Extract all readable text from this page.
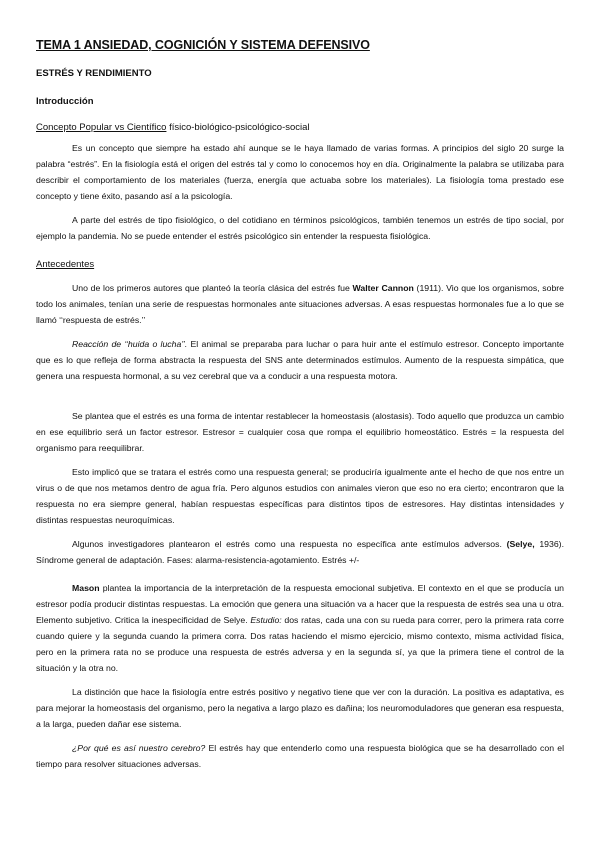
TEMA 1 ANSIEDAD, COGNICIÓN Y SISTEMA DEFENSIVO
ESTRÉS Y RENDIMIENTO
Introducción
Concepto Popular vs Científico físico-biológico-psicológico-social

Es un concepto que siempre ha estado ahí aunque se le haya llamado de varias formas. A principios del siglo 20 surge la palabra “estrés”. En la fisiología está el origen del estrés tal y como lo conocemos hoy en día. Originalmente la palabra se utilizaba para describir el comportamiento de los materiales (fuerza, energía que actuaba sobre los materiales). La fisiología toma prestado ese concepto y tiene éxito, pasando así a la psicología.

A parte del estrés de tipo fisiológico, o del cotidiano en términos psicológicos, también tenemos un estrés de tipo social, por ejemplo la pandemia. No se puede entender el estrés psicológico sin entender la respuesta fisiológica.

Antecedentes

Uno de los primeros autores que planteó la teoría clásica del estrés fue Walter Cannon (1911). Vio que los organismos, sobre todo los animales, tenían una serie de respuestas hormonales ante situaciones adversas. A esas respuestas hormonales fue a lo que se llamó ‘‘respuesta de estrés.’’

Reacción de ‘‘huida o lucha’’. El animal se preparaba para luchar o para huir ante el estímulo estresor. Concepto importante que es lo que refleja de forma abstracta la respuesta del SNS ante determinados estímulos. Aumento de la respuesta simpática, que genera una respuesta hormonal, a su vez cerebral que va a conducir a una respuesta motora.

Se plantea que el estrés es una forma de intentar restablecer la homeostasis (alostasis). Todo aquello que produzca un cambio en ese equilibrio será un factor estresor. Estresor = cualquier cosa que rompa el equilibrio homeostático. Estrés = la respuesta del organismo para reequilibrar.

Esto implicó que se tratara el estrés como una respuesta general; se produciría igualmente ante el hecho de que nos entre un virus o de que nos metamos dentro de agua fría. Pero algunos estudios con animales vieron que eso no era cierto; encontraron que la respuesta no era siempre general, habían respuestas específicas para distintos tipos de estresores. Hay distintas intensidades y distintas respuestas neuroquímicas.

Algunos investigadores plantearon el estrés como una respuesta no específica ante estímulos adversos. (Selye, 1936). Síndrome general de adaptación. Fases: alarma-resistencia-agotamiento. Estrés +/-

Mason plantea la importancia de la interpretación de la respuesta emocional subjetiva. El contexto en el que se producía un estresor podía producir distintas respuestas. La emoción que genera una situación va a hacer que la respuesta de estrés sea una u otra. Elemento subjetivo. Critica la inespecificidad de Selye. Estudio: dos ratas, cada una con su rueda para correr, pero la primera rata corre cuando quiere y la segunda cuando la primera corra. Dos ratas haciendo el mismo ejercicio, mismo contexto, misma actividad física, pero en la primera rata no se produce una respuesta de estrés adversa y en la segunda sí, ya que la primera tiene el control de la situación y la otra no.

La distinción que hace la fisiología entre estrés positivo y negativo tiene que ver con la duración. La positiva es adaptativa, es para mejorar la homeostasis del organismo, pero la negativa a largo plazo es dañina; los neuromoduladores que generan esa respuesta, a la larga, pueden dañar ese sistema.

¿Por qué es así nuestro cerebro? El estrés hay que entenderlo como una respuesta biológica que se ha desarrollado con el tiempo para resolver situaciones adversas.
